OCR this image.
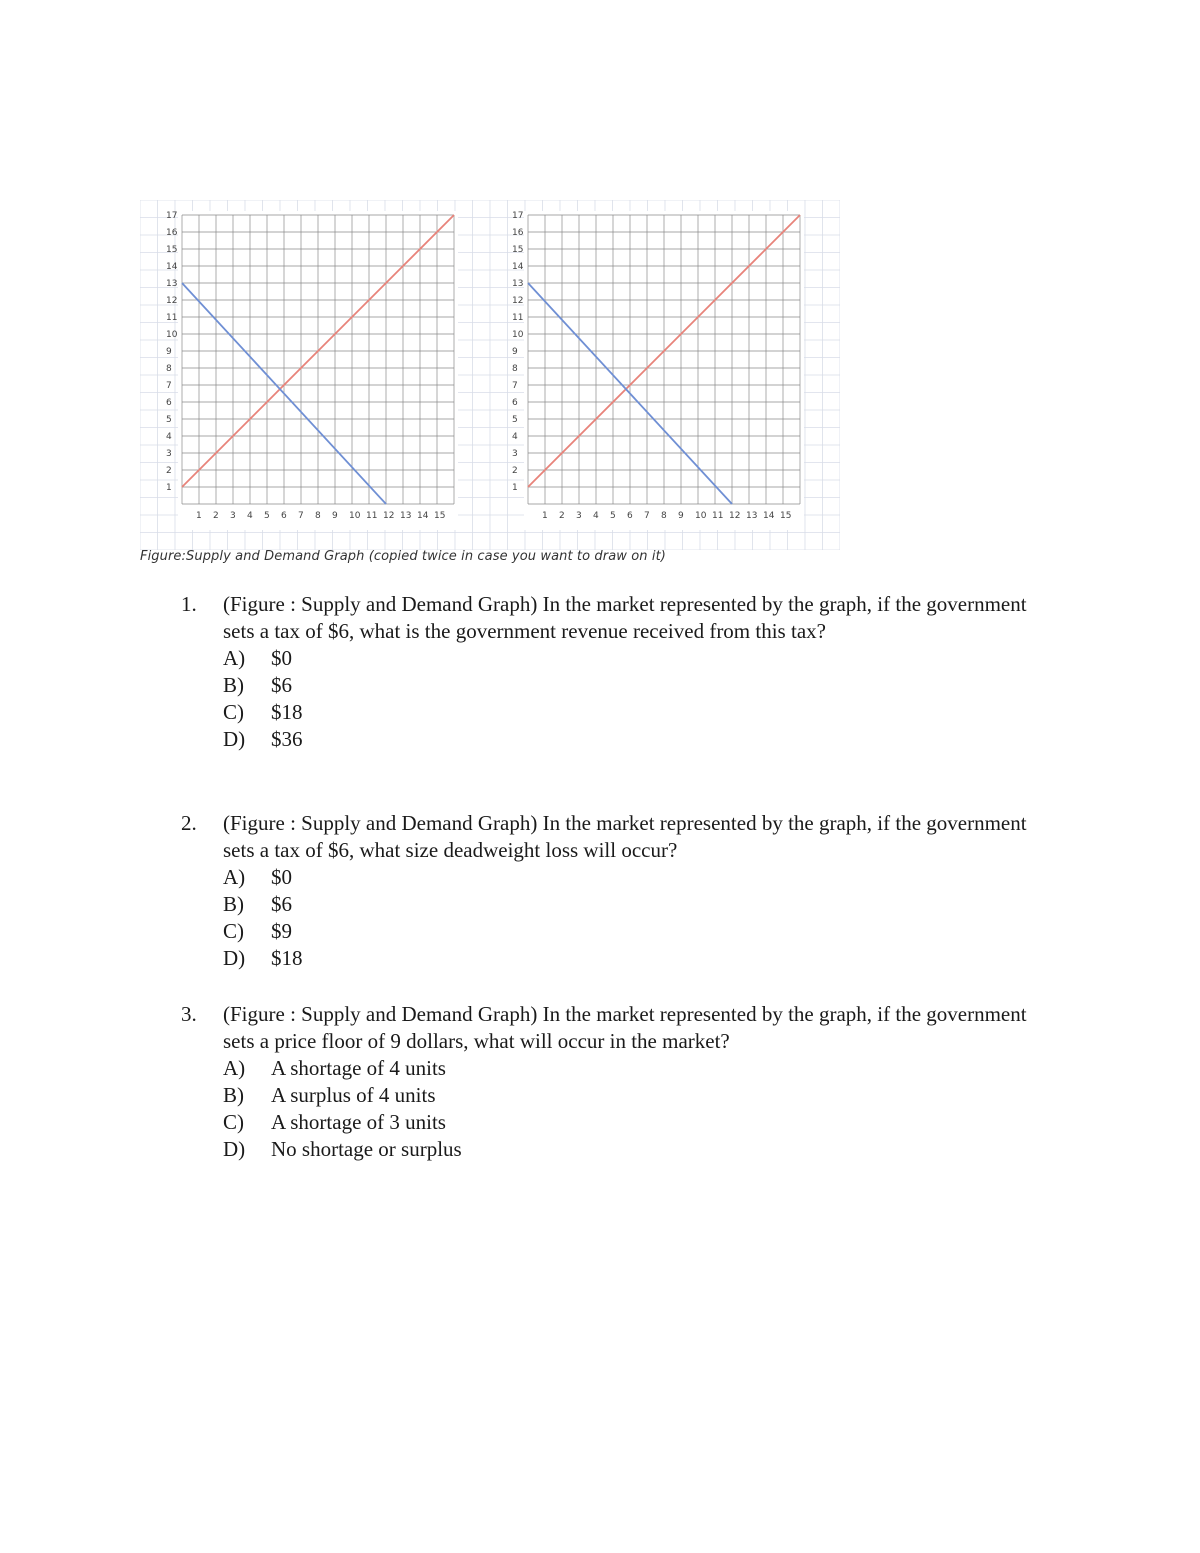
1
2
3
4
5
6
7
8
9
10
11
12
13
14
15
16
17
1 2 3 4 5 6 7 8 9 10 11 12 13 14 15
1
2
3
4
5
6
7
8
9
10
11
12
13
14
15
16
17
1 2 3 4 5 6 7 8 9 10 11 12 13 14 15
Figure:Supply and Demand Graph (copied twice in case you want to draw on it)
1.	(Figure : Supply and Demand Graph) In the market represented by the graph, if the government sets a tax of $6, what is the government revenue received from this tax?
A)	$0
B)	$6
C)	$18
D)	$36
2.	(Figure : Supply and Demand Graph) In the market represented by the graph, if the government sets a tax of $6, what size deadweight loss will occur?
A)	$0
B)	$6
C)	$9
D)	$18
3.	(Figure : Supply and Demand Graph) In the market represented by the graph, if the government sets a price floor of 9 dollars, what will occur in the market?
A)	A shortage of 4 units
B)	A surplus of 4 units
C)	A shortage of 3 units
D)	No shortage or surplus
